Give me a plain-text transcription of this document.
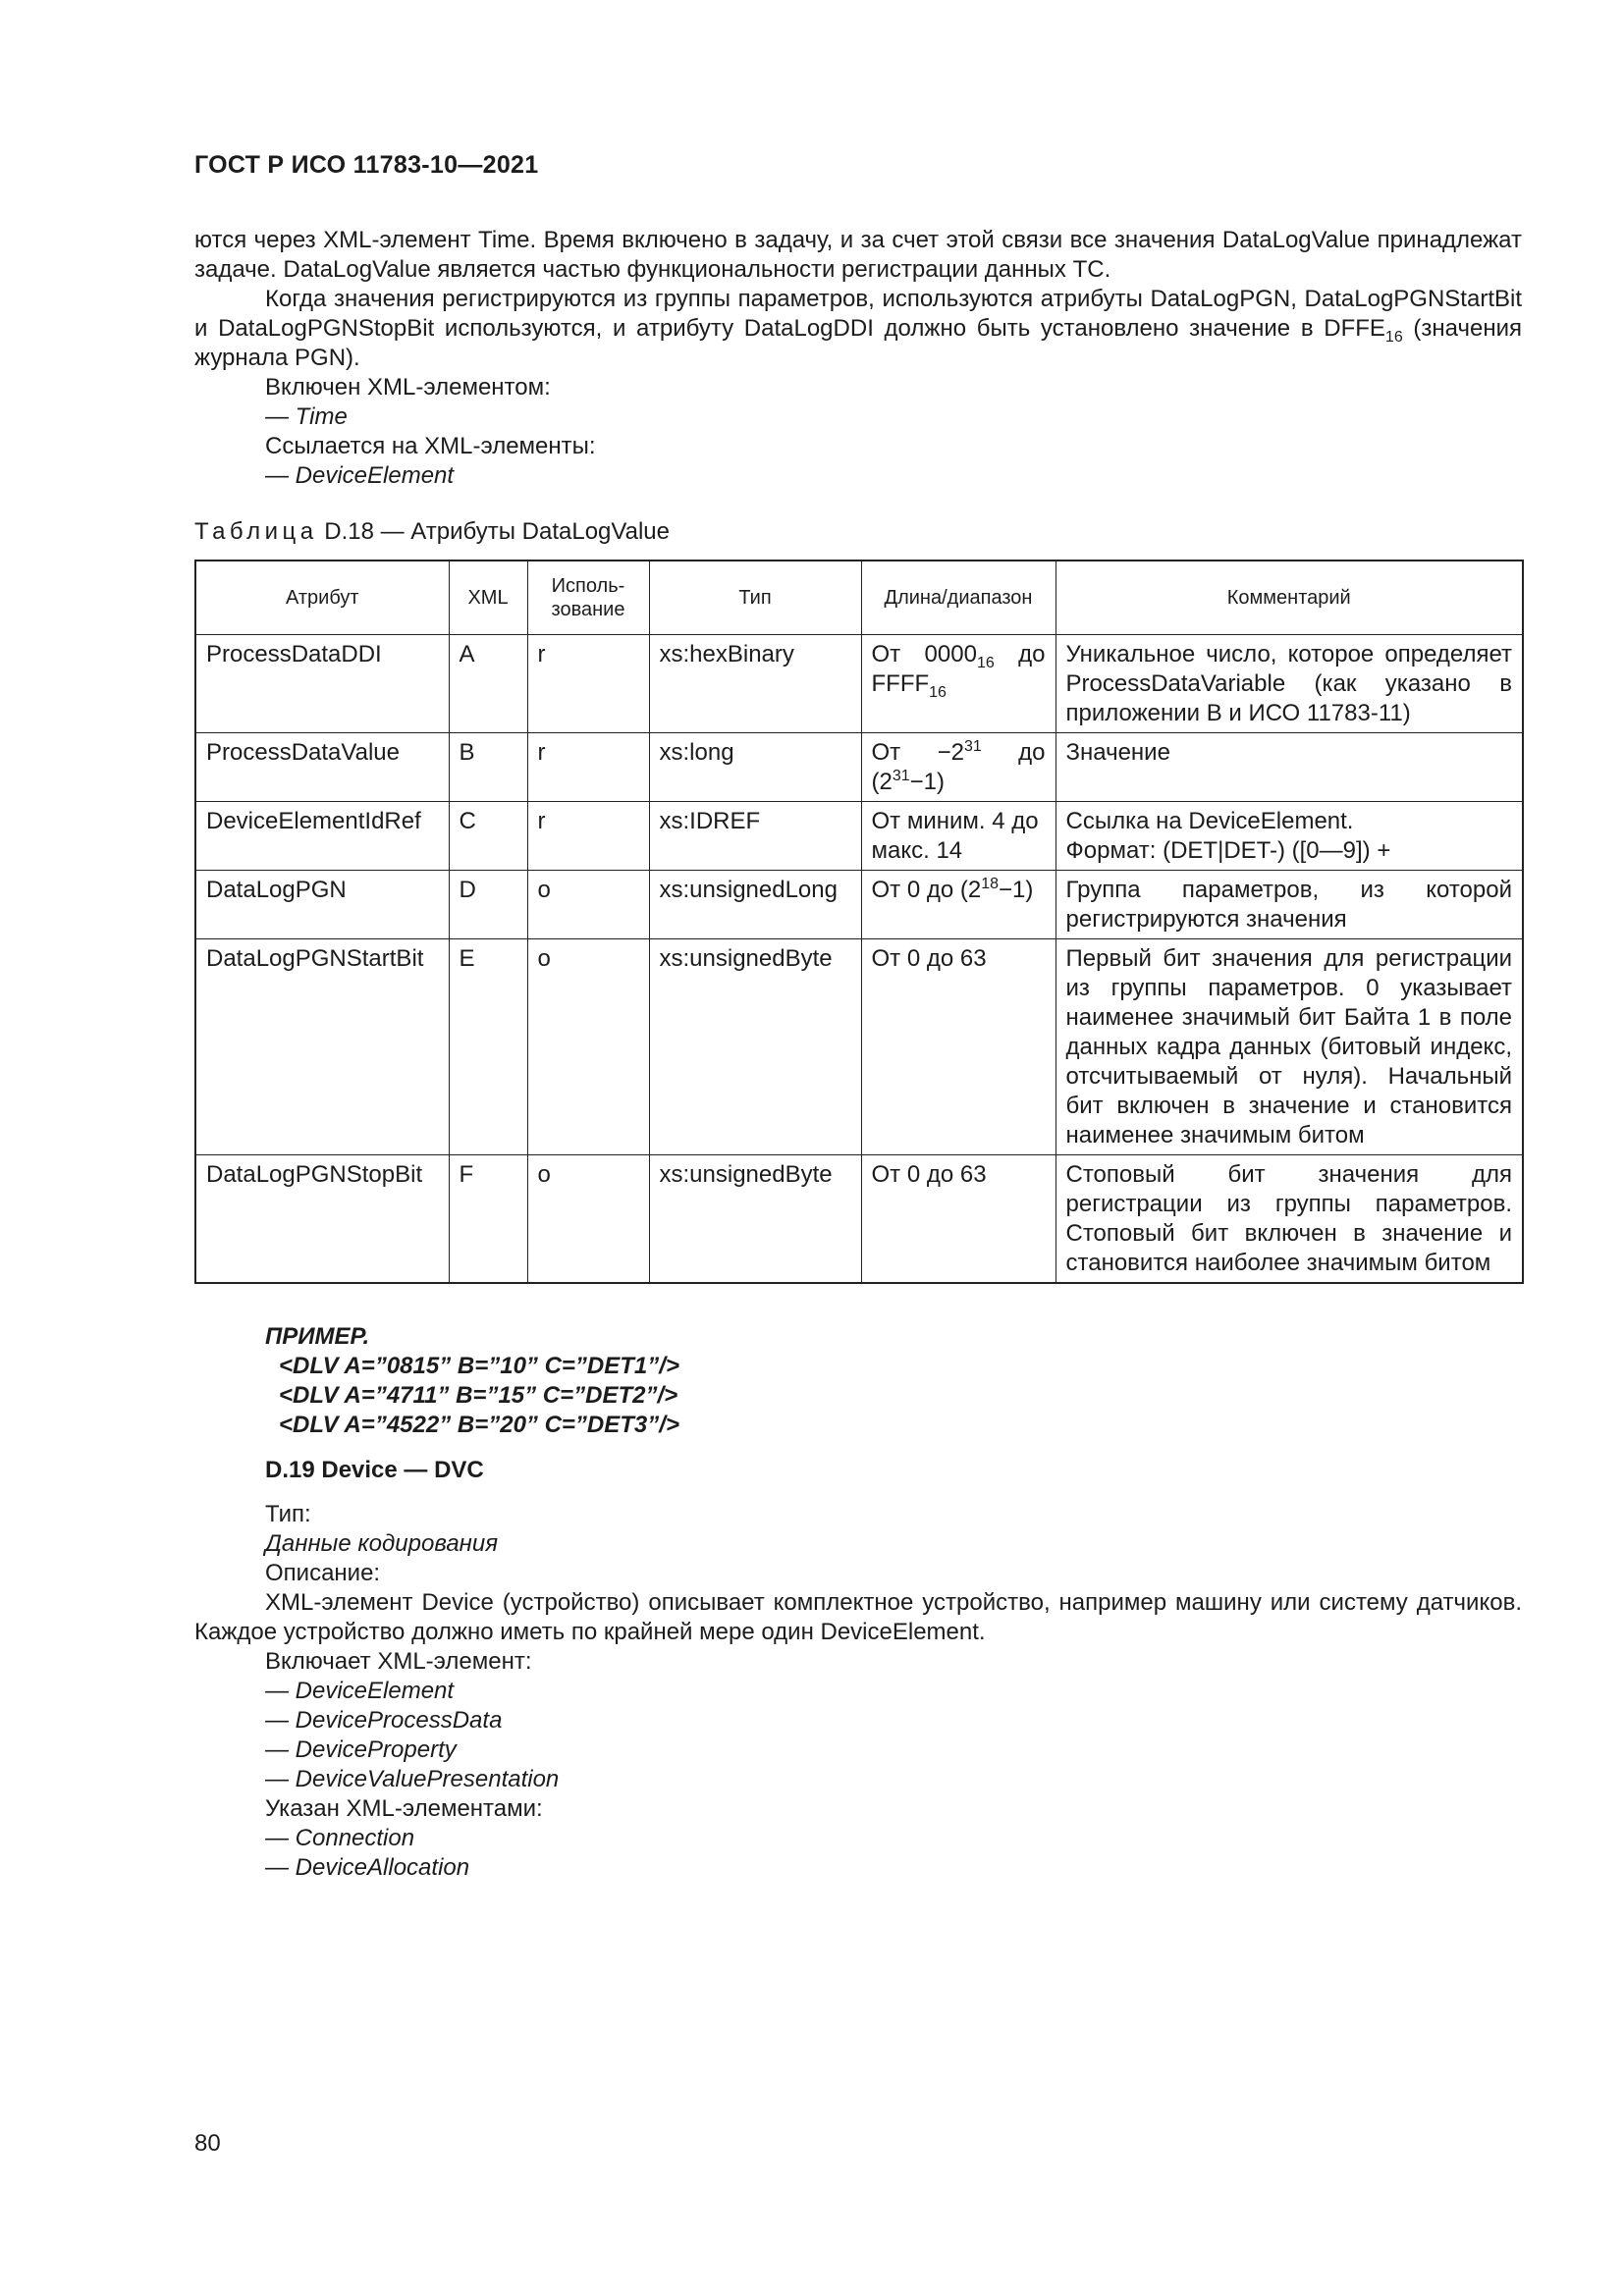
ГОСТ Р ИСО 11783-10—2021

ются через XML-элемент Time. Время включено в задачу, и за счет этой связи все значения DataLogValue принадлежат задаче. DataLogValue является частью функциональности регистрации данных ТС.

Когда значения регистрируются из группы параметров, используются атрибуты DataLogPGN, DataLogPGNStartBit и DataLogPGNStopBit используются, и атрибуту DataLogDDI должно быть установлено значение в $DFFE_{16}$ (значения журнала PGN).

Включен XML-элементом:
— Time
Ссылается на XML-элементы:
— DeviceElement
Таблица D.18 — Атрибуты DataLogValue
Атрибут	XML	Исполь-зование	Тип	Длина/диапазон	Комментарий
ProcessDataDDI	A	r	xs:hexBinary	От $0000_{16}$ до $FFFF_{16}$	Уникальное число, которое определяет ProcessDataVariable (как указано в приложении B и ИСО 11783-11)
ProcessDataValue	B	r	xs:long	От $-2^{31}$ до $(2^{31}-1)$	Значение
DeviceElementIdRef	C	r	xs:IDREF	От миним. 4 до макс. 14	Ссылка на DeviceElement.
Формат: (DET|DET-) ([0—9]) +

DataLogPGN	D	o	xs:unsignedLong	От 0 до $(2^{18}-1)$	Группа параметров, из которой регистрируются значения
DataLogPGNStartBit	E	o	xs:unsignedByte	От 0 до 63	Первый бит значения для регистрации из группы параметров. 0 указывает наименее значимый бит Байта 1 в поле данных кадра данных (битовый индекс, отсчитываемый от нуля). Начальный бит включен в значение и становится наименее значимым битом
DataLogPGNStopBit	F	o	xs:unsignedByte	От 0 до 63	Стоповый бит значения для регистрации из группы параметров. Стоповый бит включен в значение и становится наиболее значимым битом
ПРИМЕР.
<DLV A=”0815” B=”10” C=”DET1”/>
<DLV A=”4711” B=”15” C=”DET2”/>
<DLV A=”4522” B=”20” C=”DET3”/>
D.19 Device — DVC
Тип:
Данные кодирования
Описание:

XML-элемент Device (устройство) описывает комплектное устройство, например машину или систему датчиков. Каждое устройство должно иметь по крайней мере один DeviceElement.

Включает XML-элемент:
— DeviceElement
— DeviceProcessData
— DeviceProperty
— DeviceValuePresentation
Указан XML-элементами:
— Connection
— DeviceAllocation
80
